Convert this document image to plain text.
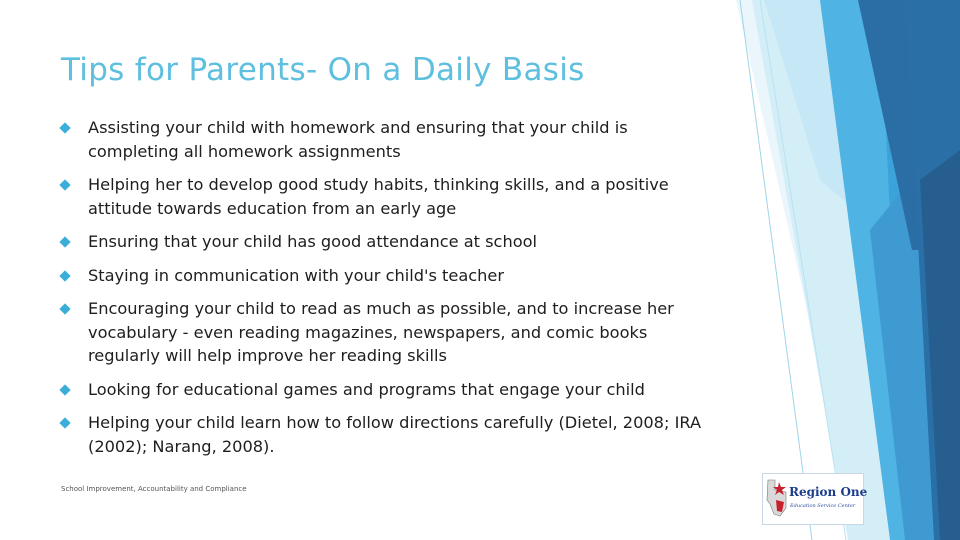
Tips for Parents- On a Daily Basis
Assisting your child with homework and ensuring that your child is completing all homework assignments
Helping her to develop good study habits, thinking skills, and a positive attitude towards education from an early age
Ensuring that your child has good attendance at school
Staying in communication with your child's teacher
Encouraging your child to read as much as possible, and to increase her vocabulary - even reading magazines, newspapers, and comic books regularly will help improve her reading skills
Looking for educational games and programs that engage your child
Helping your child learn how to follow directions carefully (Dietel, 2008; IRA (2002); Narang, 2008).
School Improvement, Accountability and Compliance	Region One
Education Service Center
